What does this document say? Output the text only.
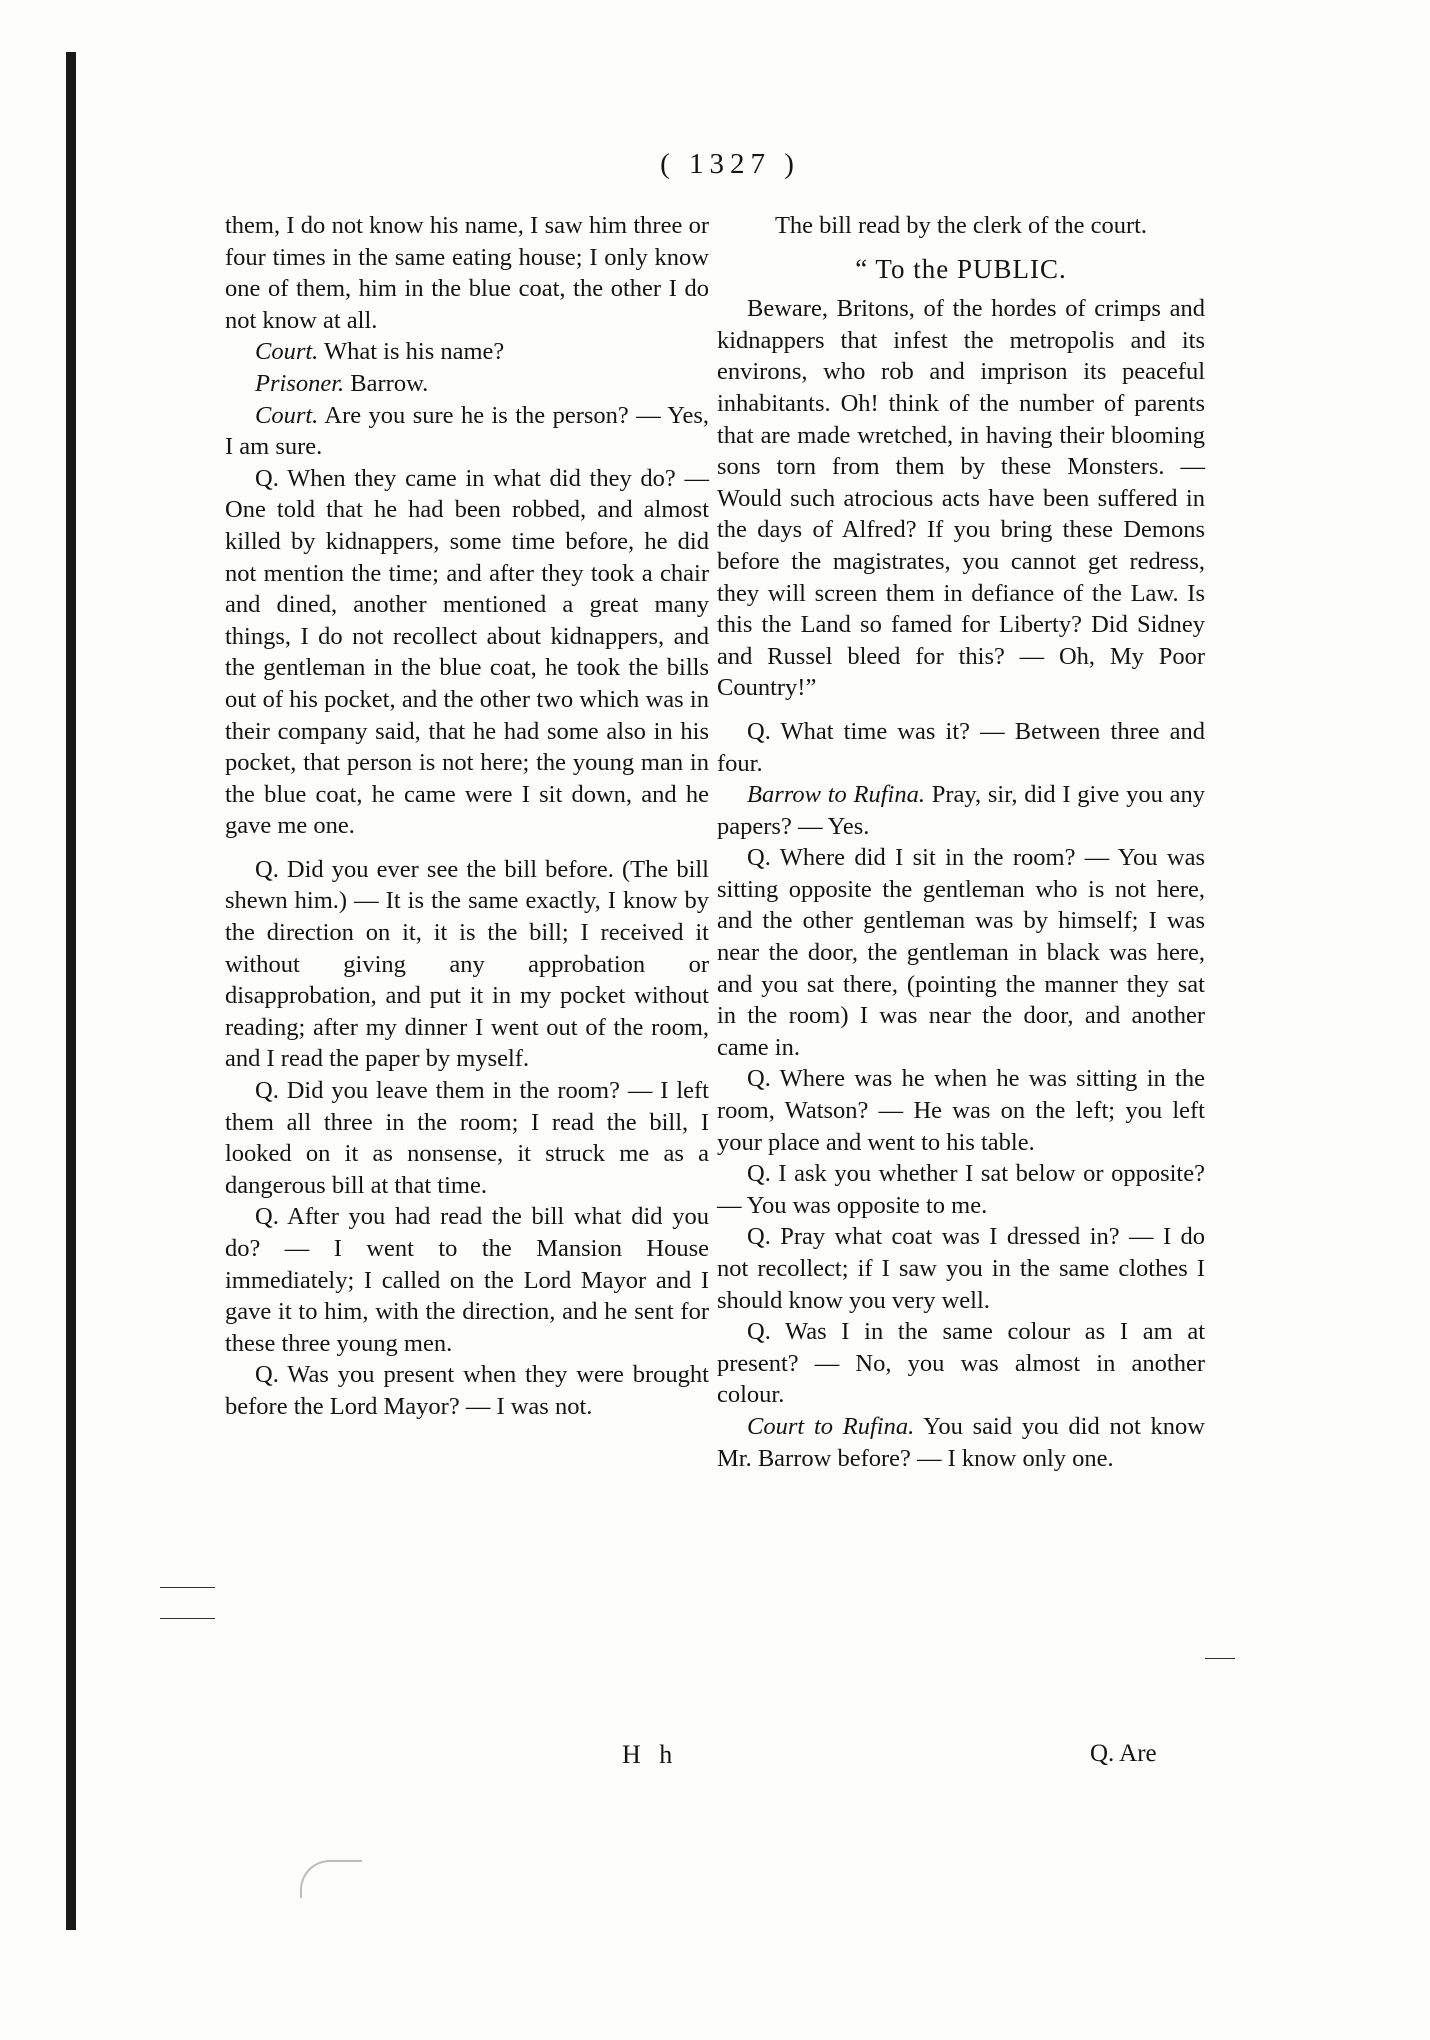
( 1327 )

them, I do not know his name, I saw him three or four times in the same eating house; I only know one of them, him in the blue coat, the other I do not know at all.

Court. What is his name?

Prisoner. Barrow.

Court. Are you sure he is the person? — Yes, I am sure.

Q. When they came in what did they do? — One told that he had been robbed, and almost killed by kidnappers, some time before, he did not mention the time; and after they took a chair and dined, another mentioned a great many things, I do not recollect about kidnappers, and the gentleman in the blue coat, he took the bills out of his pocket, and the other two which was in their company said, that he had some also in his pocket, that person is not here; the young man in the blue coat, he came were I sit down, and he gave me one.

Q. Did you ever see the bill before. (The bill shewn him.) — It is the same exactly, I know by the direction on it, it is the bill; I received it without giving any approbation or disapprobation, and put it in my pocket without reading; after my dinner I went out of the room, and I read the paper by myself.

Q. Did you leave them in the room? — I left them all three in the room; I read the bill, I looked on it as nonsense, it struck me as a dangerous bill at that time.

Q. After you had read the bill what did you do? — I went to the Mansion House immediately; I called on the Lord Mayor and I gave it to him, with the direction, and he sent for these three young men.

Q. Was you present when they were brought before the Lord Mayor? — I was not.

The bill read by the clerk of the court.

“ To the PUBLIC.

Beware, Britons, of the hordes of crimps and kidnappers that infest the metropolis and its environs, who rob and imprison its peaceful inhabitants. Oh! think of the number of parents that are made wretched, in having their blooming sons torn from them by these Monsters. — Would such atrocious acts have been suffered in the days of Alfred? If you bring these Demons before the magistrates, you cannot get redress, they will screen them in defiance of the Law. Is this the Land so famed for Liberty? Did Sidney and Russel bleed for this? — Oh, My Poor Country!”

Q. What time was it? — Between three and four.

Barrow to Rufina. Pray, sir, did I give you any papers? — Yes.

Q. Where did I sit in the room? — You was sitting opposite the gentleman who is not here, and the other gentleman was by himself; I was near the door, the gentleman in black was here, and you sat there, (pointing the manner they sat in the room) I was near the door, and another came in.

Q. Where was he when he was sitting in the room, Watson? — He was on the left; you left your place and went to his table.

Q. I ask you whether I sat below or opposite? — You was opposite to me.

Q. Pray what coat was I dressed in? — I do not recollect; if I saw you in the same clothes I should know you very well.

Q. Was I in the same colour as I am at present? — No, you was almost in another colour.

Court to Rufina. You said you did not know Mr. Barrow before? — I know only one.

H h	Q. Are
